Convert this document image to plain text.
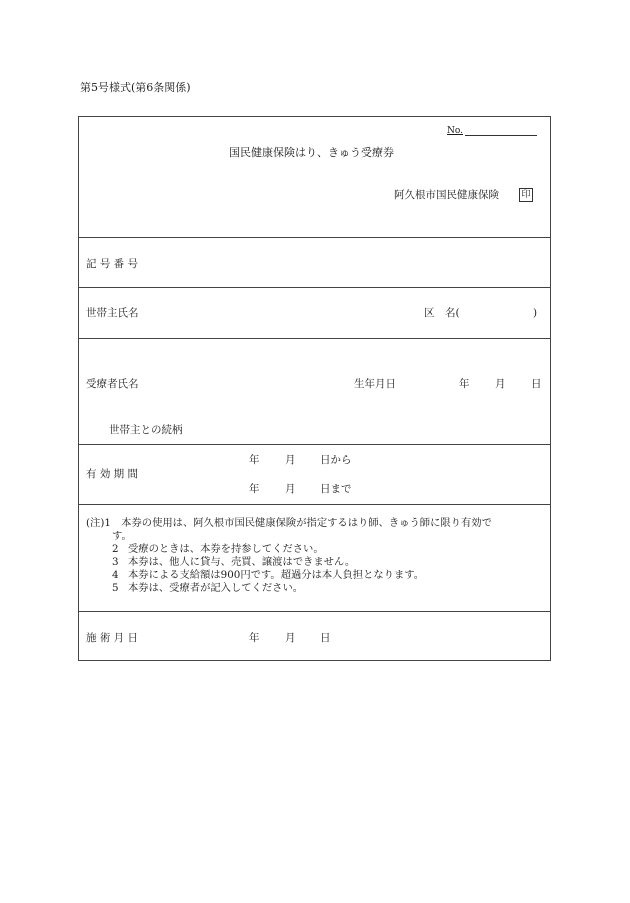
第5号様式(第6条関係)
No.
国民健康保険はり、きゅう受療券
阿久根市国民健康保険 印
記 号 番 号
世帯主氏名	区　名(	)
受療者氏名	生年月日	年 月 日
世帯主との続柄
有 効 期 間
年 月 日から
年 月 日まで
(注)1　本券の使用は、阿久根市国民健康保険が指定するはり師、きゅう師に限り有効で
す。
2 受療のときは、本券を持参してください。
3 本券は、他人に貸与、売買、譲渡はできません。
4 本券による支給額は900円です。超過分は本人負担となります。
5 本券は、受療者が記入してください。
施 術 月 日	年 月 日
